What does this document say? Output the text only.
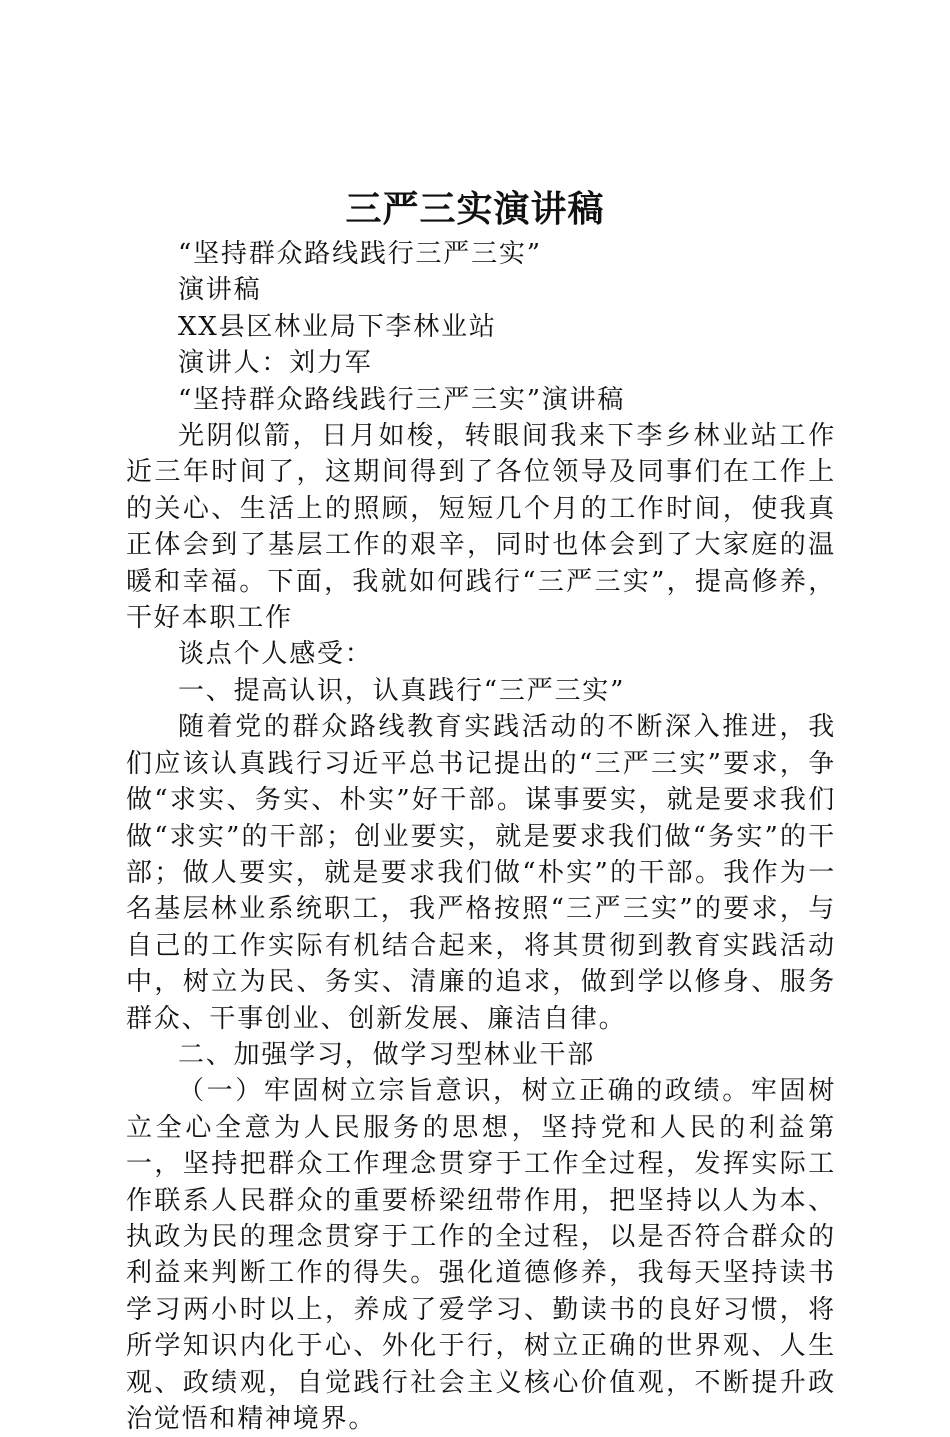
三严三实演讲稿

“坚持群众路线践行三严三实”

演讲稿

XX县区林业局下李林业站

演讲人：刘力军

“坚持群众路线践行三严三实”演讲稿

光阴似箭，日月如梭，转眼间我来下李乡林业站工作近三年时间了，这期间得到了各位领导及同事们在工作上的关心、生活上的照顾，短短几个月的工作时间，使我真正体会到了基层工作的艰辛，同时也体会到了大家庭的温暖和幸福。下面，我就如何践行“三严三实”，提高修养，干好本职工作

谈点个人感受：

一、提高认识，认真践行“三严三实”

随着党的群众路线教育实践活动的不断深入推进，我们应该认真践行习近平总书记提出的“三严三实”要求，争做“求实、务实、朴实”好干部。谋事要实，就是要求我们做“求实”的干部；创业要实，就是要求我们做“务实”的干部；做人要实，就是要求我们做“朴实”的干部。我作为一名基层林业系统职工，我严格按照“三严三实”的要求，与自己的工作实际有机结合起来，将其贯彻到教育实践活动中，树立为民、务实、清廉的追求，做到学以修身、服务群众、干事创业、创新发展、廉洁自律。

二、加强学习，做学习型林业干部

（一）牢固树立宗旨意识，树立正确的政绩。牢固树立全心全意为人民服务的思想，坚持党和人民的利益第一，坚持把群众工作理念贯穿于工作全过程，发挥实际工作联系人民群众的重要桥梁纽带作用，把坚持以人为本、执政为民的理念贯穿于工作的全过程，以是否符合群众的利益来判断工作的得失。强化道德修养，我每天坚持读书学习两小时以上，养成了爱学习、勤读书的良好习惯，将所学知识内化于心、外化于行，树立正确的世界观、人生观、政绩观，自觉践行社会主义核心价值观，不断提升政治觉悟和精神境界。
